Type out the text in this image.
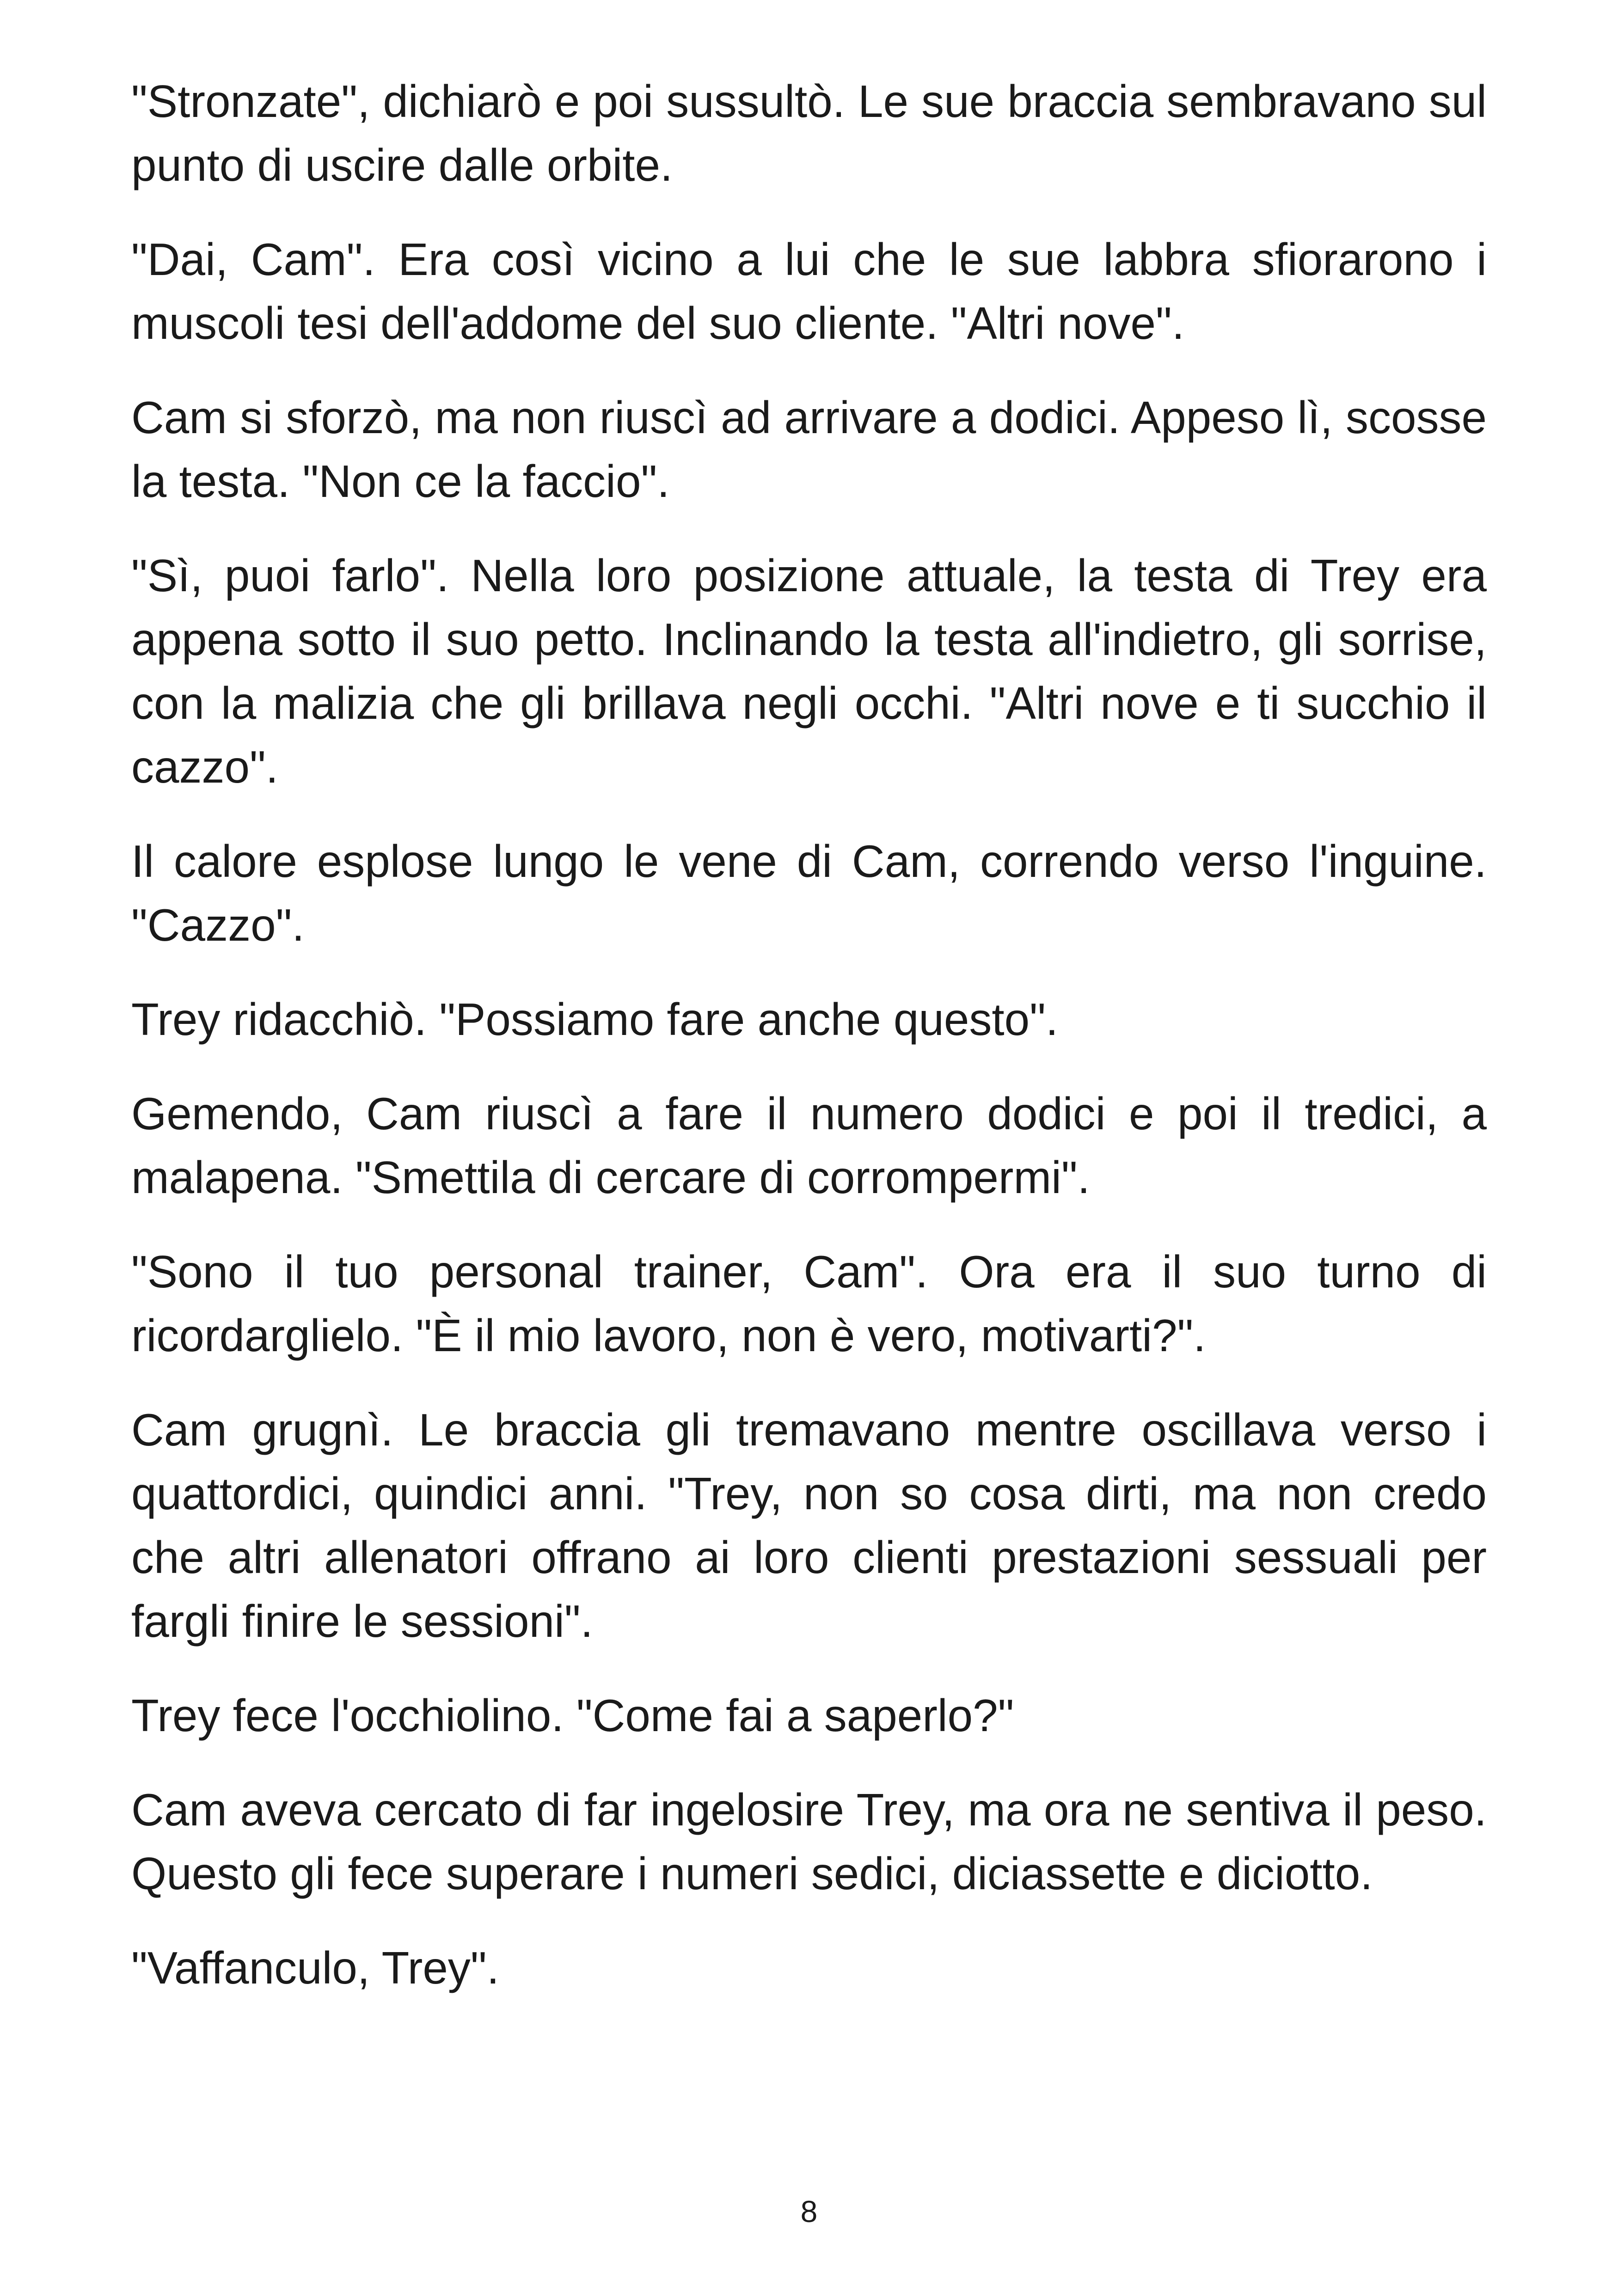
"Stronzate", dichiarò e poi sussultò. Le sue braccia sembravano sul punto di uscire dalle orbite.

"Dai, Cam". Era così vicino a lui che le sue labbra sfiorarono i muscoli tesi dell'addome del suo cliente. "Altri nove".

Cam si sforzò, ma non riuscì ad arrivare a dodici. Appeso lì, scosse la testa. "Non ce la faccio".

"Sì, puoi farlo". Nella loro posizione attuale, la testa di Trey era appena sotto il suo petto. Inclinando la testa all'indietro, gli sorrise, con la malizia che gli brillava negli occhi. "Altri nove e ti succhio il cazzo".

Il calore esplose lungo le vene di Cam, correndo verso l'inguine. "Cazzo".

Trey ridacchiò. "Possiamo fare anche questo".

Gemendo, Cam riuscì a fare il numero dodici e poi il tredici, a malapena. "Smettila di cercare di corrompermi".

"Sono il tuo personal trainer, Cam". Ora era il suo turno di ricordarglielo. "È il mio lavoro, non è vero, motivarti?".

Cam grugnì. Le braccia gli tremavano mentre oscillava verso i quattordici, quindici anni. "Trey, non so cosa dirti, ma non credo che altri allenatori offrano ai loro clienti prestazioni sessuali per fargli finire le sessioni".

Trey fece l'occhiolino. "Come fai a saperlo?"

Cam aveva cercato di far ingelosire Trey, ma ora ne sentiva il peso. Questo gli fece superare i numeri sedici, diciassette e diciotto.

"Vaffanculo, Trey".

8
